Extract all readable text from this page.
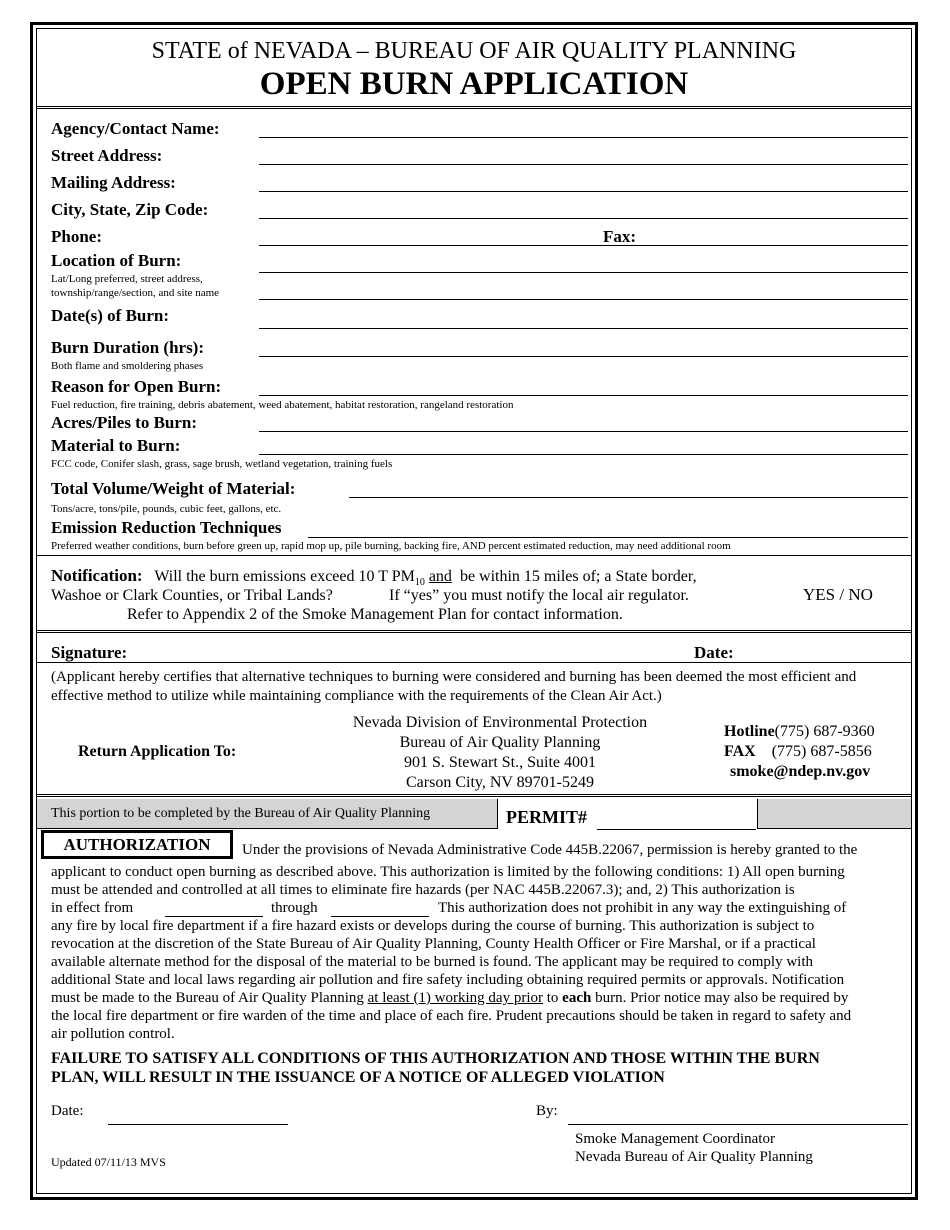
STATE of NEVADA – BUREAU OF AIR QUALITY PLANNING
OPEN BURN APPLICATION
Agency/Contact Name:
Street Address:
Mailing Address:
City, State, Zip Code:
Phone:	Fax:
Location of Burn:
Lat/Long preferred, street address,
township/range/section, and site name
Date(s) of Burn:
Burn Duration (hrs):
Both flame and smoldering phases
Reason for Open Burn:
Fuel reduction, fire training, debris abatement, weed abatement, habitat restoration, rangeland restoration
Acres/Piles to Burn:
Material to Burn:
FCC code, Conifer slash, grass, sage brush, wetland vegetation, training fuels
Total Volume/Weight of Material:
Tons/acre, tons/pile, pounds, cubic feet, gallons, etc.
Emission Reduction Techniques
Preferred weather conditions, burn before green up, rapid mop up, pile burning, backing fire, AND percent estimated reduction, may need additional room
Notification: Will the burn emissions exceed 10 T $PM_{10}$ and be within 15 miles of; a State border,
Washoe or Clark Counties, or Tribal Lands?	If “yes” you must notify the local air regulator.	YES / NO
Refer to Appendix 2 of the Smoke Management Plan for contact information.
Signature:	Date:
(Applicant hereby certifies that alternative techniques to burning were considered and burning has been deemed the most efficient and effective method to utilize while maintaining compliance with the requirements of the Clean Air Act.)
Return Application To:
Nevada Division of Environmental Protection
Bureau of Air Quality Planning
901 S. Stewart St., Suite 4001
Carson City, NV 89701-5249
Hotline(775) 687-9360
FAX (775) 687-5856
smoke@ndep.nv.gov
This portion to be completed by the Bureau of Air Quality Planning	PERMIT#
AUTHORIZATION	Under the provisions of Nevada Administrative Code 445B.22067, permission is hereby granted to the
applicant to conduct open burning as described above. This authorization is limited by the following conditions: 1) All open burning
must be attended and controlled at all times to eliminate fire hazards (per NAC 445B.22067.3); and, 2) This authorization is
in effect from	through	This authorization does not prohibit in any way the extinguishing of
any fire by local fire department if a fire hazard exists or develops during the course of burning. This authorization is subject to
revocation at the discretion of the State Bureau of Air Quality Planning, County Health Officer or Fire Marshal, or if a practical
available alternate method for the disposal of the material to be burned is found. The applicant may be required to comply with
additional State and local laws regarding air pollution and fire safety including obtaining required permits or approvals. Notification
must be made to the Bureau of Air Quality Planning at least (1) working day prior to each burn. Prior notice may also be required by
the local fire department or fire warden of the time and place of each fire. Prudent precautions should be taken in regard to safety and
air pollution control.
FAILURE TO SATISFY ALL CONDITIONS OF THIS AUTHORIZATION AND THOSE WITHIN THE BURN
PLAN, WILL RESULT IN THE ISSUANCE OF A NOTICE OF ALLEGED VIOLATION
Date:	By:
Smoke Management Coordinator
Nevada Bureau of Air Quality Planning
Updated 07/11/13 MVS
